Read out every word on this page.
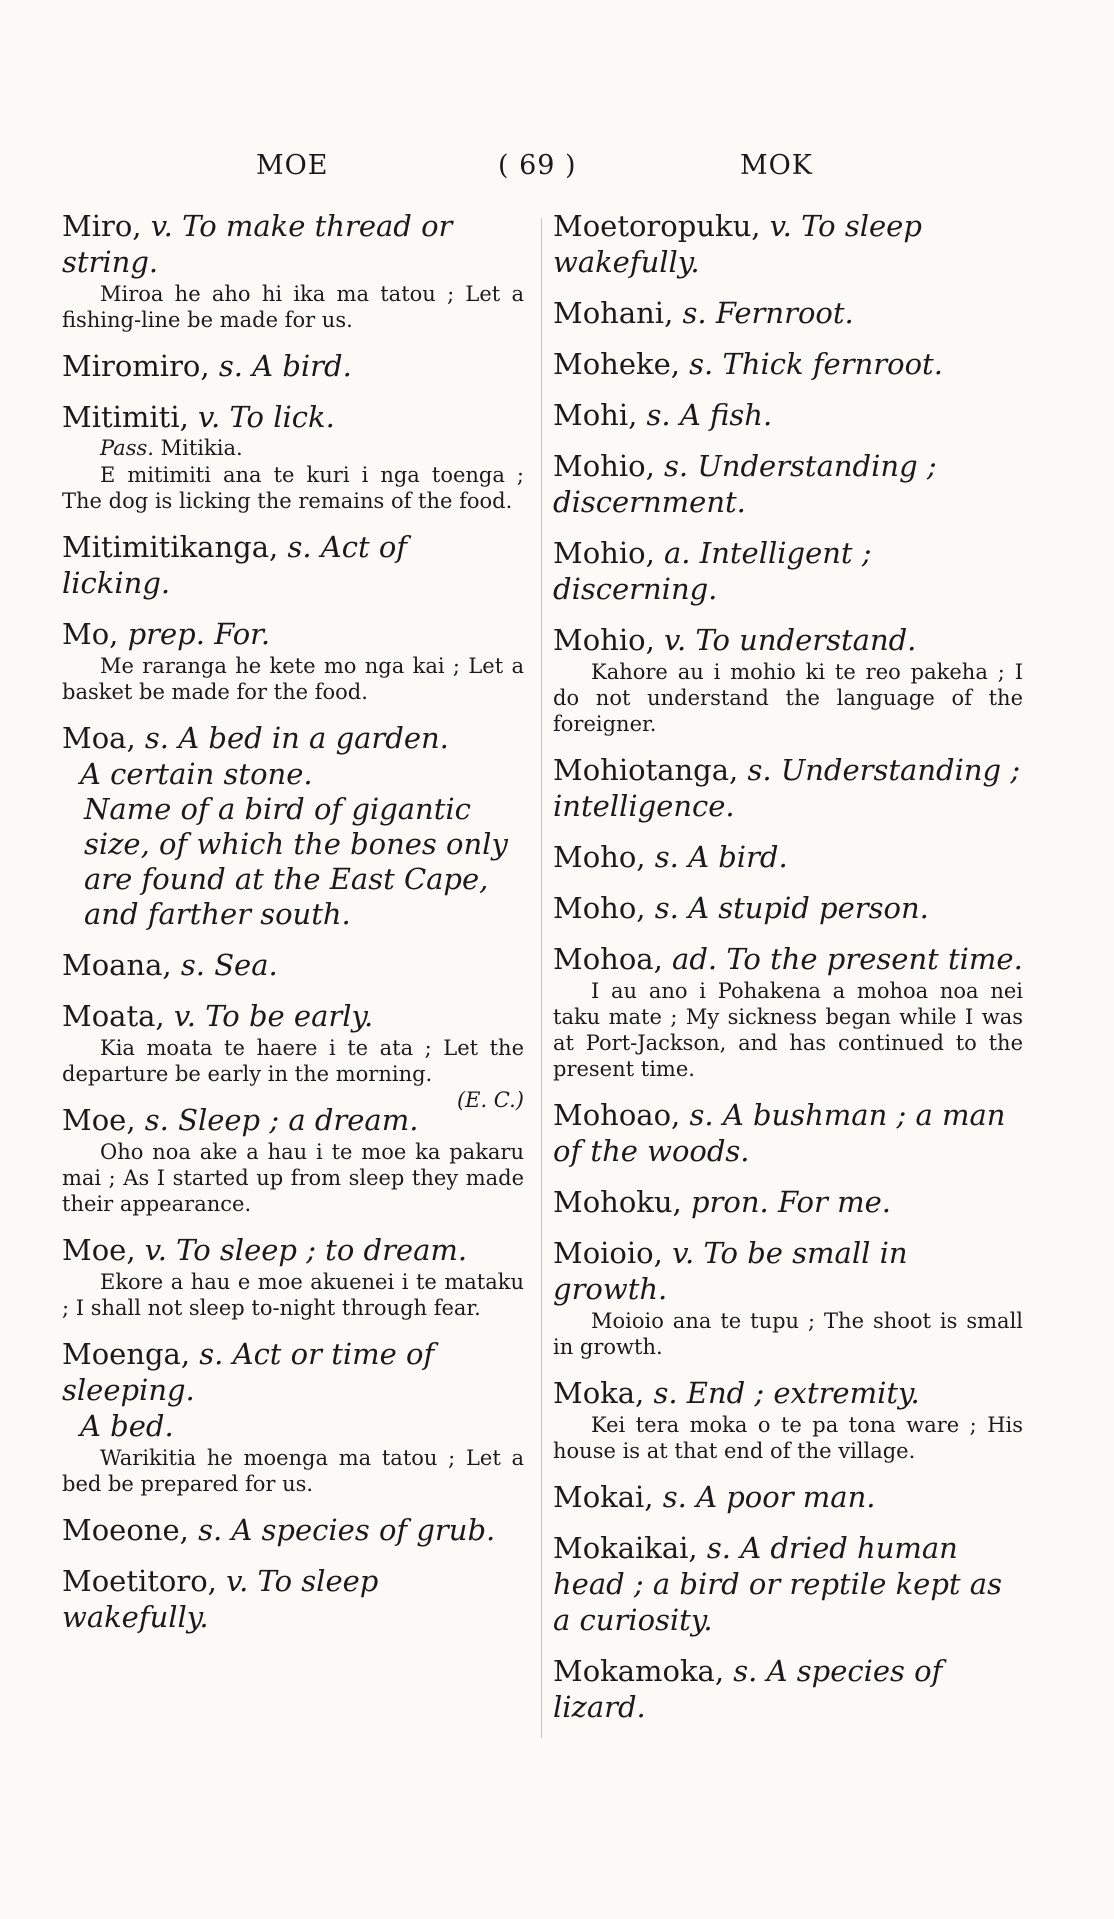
MOE	( 69 )	MOK
Miro, v. To make thread or string.
Miroa he aho hi ika ma tatou ; Let a fishing-line be made for us.
Miromiro, s. A bird.
Mitimiti, v. To lick.
Pass. Mitikia.
E mitimiti ana te kuri i nga toenga ; The dog is licking the remains of the food.
Mitimitikanga, s. Act of licking.
Mo, prep. For.
Me raranga he kete mo nga kai ; Let a basket be made for the food.
Moa, s. A bed in a garden.
A certain stone.
Name of a bird of gigantic size, of which the bones only are found at the East Cape, and farther south.
Moana, s. Sea.
Moata, v. To be early.
Kia moata te haere i te ata ; Let the departure be early in the morning.
(E. C.)
Moe, s. Sleep ; a dream.
Oho noa ake a hau i te moe ka pakaru mai ; As I started up from sleep they made their appearance.
Moe, v. To sleep ; to dream.
Ekore a hau e moe akuenei i te mataku ; I shall not sleep to-night through fear.
Moenga, s. Act or time of sleeping.
A bed.
Warikitia he moenga ma tatou ; Let a bed be prepared for us.
Moeone, s. A species of grub.
Moetitoro, v. To sleep wakefully.
Moetoropuku, v. To sleep wakefully.
Mohani, s. Fernroot.
Moheke, s. Thick fernroot.
Mohi, s. A fish.
Mohio, s. Understanding ; discernment.
Mohio, a. Intelligent ; discerning.
Mohio, v. To understand.
Kahore au i mohio ki te reo pakeha ; I do not understand the language of the foreigner.
Mohiotanga, s. Understanding ; intelligence.
Moho, s. A bird.
Moho, s. A stupid person.
Mohoa, ad. To the present time.
I au ano i Pohakena a mohoa noa nei taku mate ; My sickness began while I was at Port-Jackson, and has continued to the present time.
Mohoao, s. A bushman ; a man of the woods.
Mohoku, pron. For me.
Moioio, v. To be small in growth.
Moioio ana te tupu ; The shoot is small in growth.
Moka, s. End ; extremity.
Kei tera moka o te pa tona ware ; His house is at that end of the village.
Mokai, s. A poor man.
Mokaikai, s. A dried human head ; a bird or reptile kept as a curiosity.
Mokamoka, s. A species of lizard.
